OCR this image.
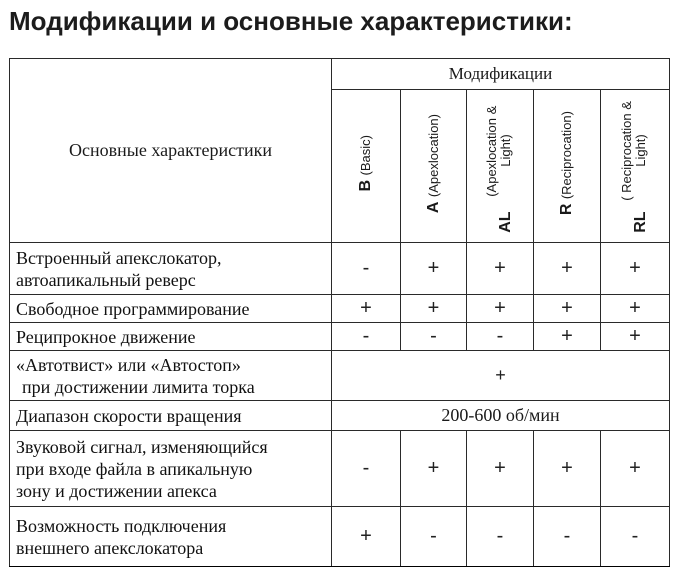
Модификации и основные характеристики:
Основные характеристики	Модификации				
	B (Basic)	A (Apexlocation)	AL (Apexlocation & Light)	R (Reciprocation)	RL ( Reciprocation & Light)

Встроенный апекслокатор,
автоапикальный реверс	-	+	+	+	+

Свободное программирование	+	+	+	+	+

Реципрокное движение	-	-	-	+	+

«Автотвист» или «Автостоп»
при достижении лимита торка	+				

Диапазон скорости вращения	200-600 об/мин				

Звуковой сигнал, изменяющийся
при входе файла в апикальную
зону и достижении апекса	-	+	+	+	+

Возможность подключения
внешнего апекслокатора	+	-	-	-	-
